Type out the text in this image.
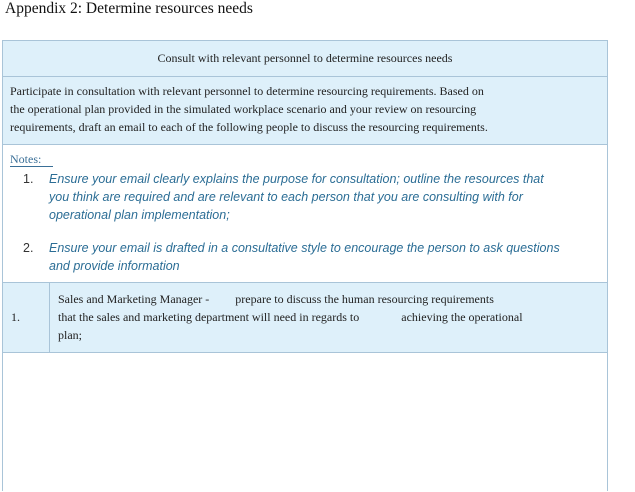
Appendix 2: Determine resources needs
Consult with relevant personnel to determine resources needs
Participate in consultation with relevant personnel to determine resourcing requirements. Based on
the operational plan provided in the simulated workplace scenario and your review on resourcing
requirements, draft an email to each of the following people to discuss the resourcing requirements.
Notes:
1. Ensure your email clearly explains the purpose for consultation; outline the resources that
you think are required and are relevant to each person that you are consulting with for
operational plan implementation;
2. Ensure your email is drafted in a consultative style to encourage the person to ask questions
and provide information
1.
Sales and Marketing Manager - prepare to discuss the human resourcing requirements
that the sales and marketing department will need in regards to	achieving the operational
plan;
